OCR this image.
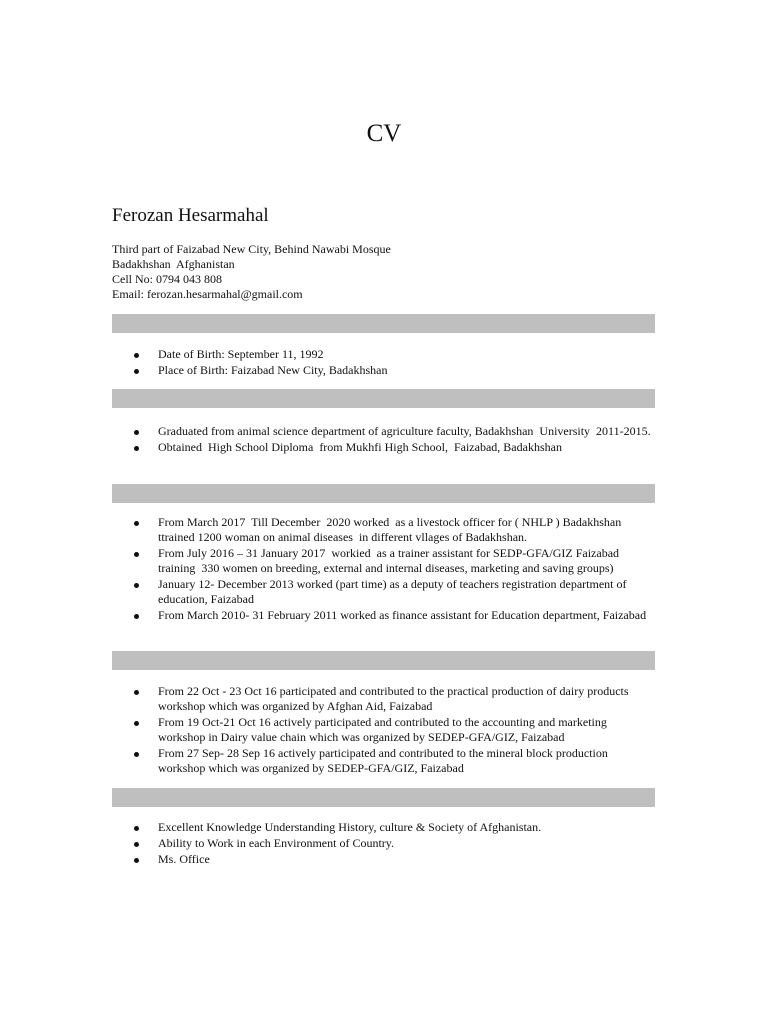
CV
Ferozan Hesarmahal
Third part of Faizabad New City, Behind Nawabi Mosque
Badakhshan  Afghanistan
Cell No: 0794 043 808
Email: ferozan.hesarmahal@gmail.com
Date of Birth: September 11, 1992
Place of Birth: Faizabad New City, Badakhshan
Graduated from animal science department of agriculture faculty, Badakhshan  University  2011-2015.
Obtained  High School Diploma  from Mukhfi High School,  Faizabad, Badakhshan
From March 2017  Till December  2020 worked  as a livestock officer for ( NHLP ) Badakhshan ttrained 1200 woman on animal diseases  in different vllages of Badakhshan.
From July 2016 – 31 January 2017  workied  as a trainer assistant for SEDP-GFA/GIZ Faizabad training  330 women on breeding, external and internal diseases, marketing and saving groups)
January 12- December 2013 worked (part time) as a deputy of teachers registration department of education, Faizabad
From March 2010- 31 February 2011 worked as finance assistant for Education department, Faizabad
From 22 Oct - 23 Oct 16 participated and contributed to the practical production of dairy products workshop which was organized by Afghan Aid, Faizabad
From 19 Oct-21 Oct 16 actively participated and contributed to the accounting and marketing workshop in Dairy value chain which was organized by SEDEP-GFA/GIZ, Faizabad
From 27 Sep- 28 Sep 16 actively participated and contributed to the mineral block production workshop which was organized by SEDEP-GFA/GIZ, Faizabad
Excellent Knowledge Understanding History, culture & Society of Afghanistan.
Ability to Work in each Environment of Country.
Ms. Office
